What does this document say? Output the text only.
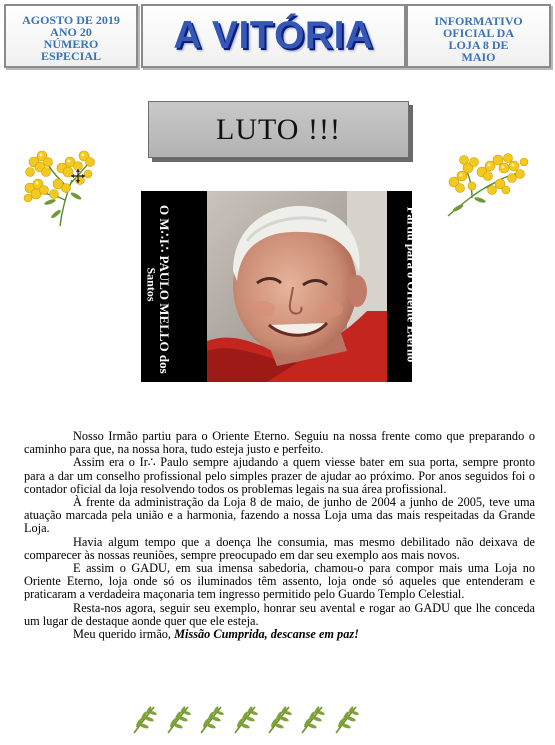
AGOSTO DE 2019
ANO 20
NÚMERO
ESPECIAL	A VITÓRIA	INFORMATIVO
OFICIAL DA
LOJA 8 DE
MAIO
LUTO !!!
O M∴I∴ PAULO MELLO dos
Santos	Partiu para o Oriente Eterno

Nosso Irmão partiu para o Oriente Eterno. Seguiu na nossa frente como que preparando o caminho para que, na nossa hora, tudo esteja justo e perfeito.

Assim era o Ir∴ Paulo sempre ajudando a quem viesse bater em sua porta, sempre pronto para a dar um conselho profissional pelo simples prazer de ajudar ao próximo. Por anos seguidos foi o contador oficial da loja resolvendo todos os problemas legais na sua área profissional.

À frente da administração da Loja 8 de maio, de junho de 2004 a junho de 2005, teve uma atuação marcada pela união e a harmonia, fazendo a nossa Loja uma das mais respeitadas da Grande Loja.

Havia algum tempo que a doença lhe consumia, mas mesmo debilitado não deixava de comparecer às nossas reuniões, sempre preocupado em dar seu exemplo aos mais novos.

E assim o GADU, em sua imensa sabedoria, chamou-o para compor mais uma Loja no Oriente Eterno, loja onde só os iluminados têm assento, loja onde só aqueles que entenderam e praticaram a verdadeira maçonaria tem ingresso permitido pelo Guardo Templo Celestial.

Resta-nos agora, seguir seu exemplo, honrar seu avental e rogar ao GADU que lhe conceda um lugar de destaque aonde quer que ele esteja.

Meu querido irmão, Missão Cumprida, descanse em paz!
